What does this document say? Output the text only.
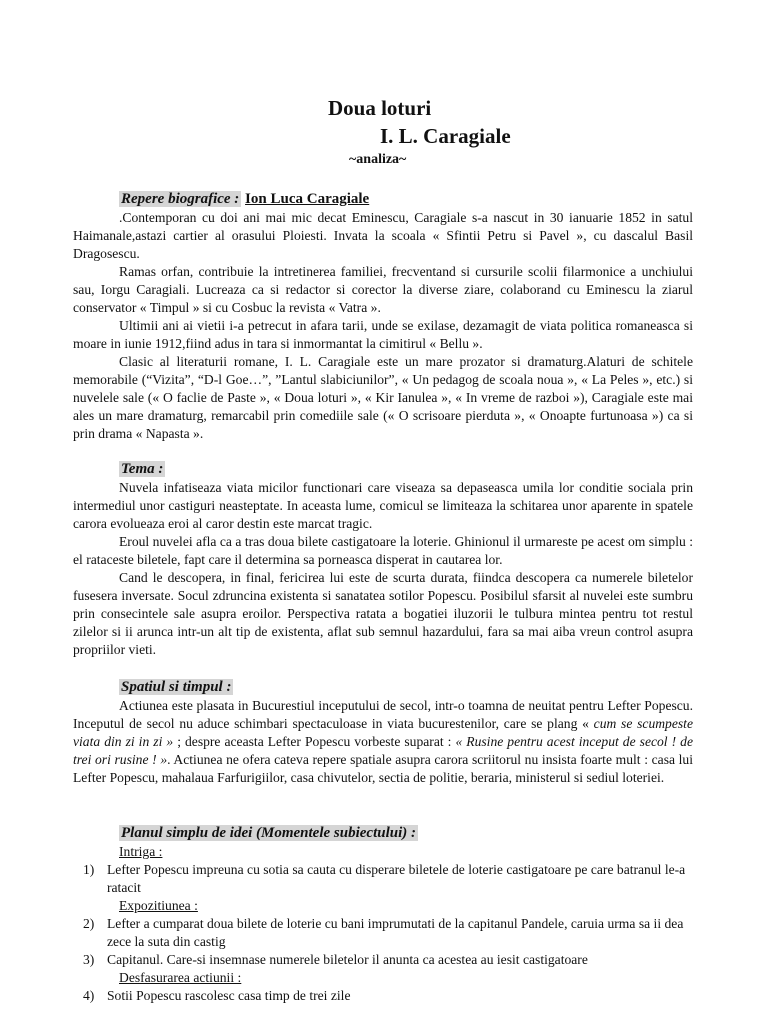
Doua loturi
I. L. Caragiale
~analiza~
Repere biografice : Ion Luca Caragiale

.Contemporan cu doi ani mai mic decat Eminescu, Caragiale s-a nascut in 30 ianuarie 1852 in satul Haimanale,astazi cartier al orasului Ploiesti. Invata la scoala « Sfintii Petru si Pavel », cu dascalul Basil Dragosescu.

Ramas orfan, contribuie la intretinerea familiei, frecventand si cursurile scolii filarmonice a unchiului sau, Iorgu Caragiali. Lucreaza ca si redactor si corector la diverse ziare, colaborand cu Eminescu la ziarul conservator « Timpul » si cu Cosbuc la revista « Vatra ».

Ultimii ani ai vietii i-a petrecut in afara tarii, unde se exilase, dezamagit de viata politica romaneasca si moare in iunie 1912,fiind adus in tara si inmormantat la cimitirul « Bellu ».

Clasic al literaturii romane, I. L. Caragiale este un mare prozator si dramaturg.Alaturi de schitele memorabile (“Vizita”, “D-l Goe…”, ”Lantul slabiciunilor”, « Un pedagog de scoala noua », « La Peles », etc.) si nuvelele sale (« O faclie de Paste », « Doua loturi », « Kir Ianulea », « In vreme de razboi »), Caragiale este mai ales un mare dramaturg, remarcabil prin comediile sale (« O scrisoare pierduta », « Onoapte furtunoasa ») ca si prin drama « Napasta ».

Tema :

Nuvela infatiseaza viata micilor functionari care viseaza sa depaseasca umila lor conditie sociala prin intermediul unor castiguri neasteptate. In aceasta lume, comicul se limiteaza la schitarea unor aparente in spatele carora evolueaza eroi al caror destin este marcat tragic.

Eroul nuvelei afla ca a tras doua bilete castigatoare la loterie. Ghinionul il urmareste pe acest om simplu : el rataceste biletele, fapt care il determina sa porneasca disperat in cautarea lor.

Cand le descopera, in final, fericirea lui este de scurta durata, fiindca descopera ca numerele biletelor fusesera inversate. Socul zdruncina existenta si sanatatea sotilor Popescu. Posibilul sfarsit al nuvelei este sumbru prin consecintele sale asupra eroilor. Perspectiva ratata a bogatiei iluzorii le tulbura mintea pentru tot restul zilelor si ii arunca intr-un alt tip de existenta, aflat sub semnul hazardului, fara sa mai aiba vreun control asupra propriilor vieti.

Spatiul si timpul :

Actiunea este plasata in Bucurestiul inceputului de secol, intr-o toamna de neuitat pentru Lefter Popescu. Inceputul de secol nu aduce schimbari spectaculoase in viata bucurestenilor, care se plang « cum se scumpeste viata din zi in zi » ; despre aceasta Lefter Popescu vorbeste suparat : « Rusine pentru acest inceput de secol ! de trei ori rusine ! ». Actiunea ne ofera cateva repere spatiale asupra carora scriitorul nu insista foarte mult : casa lui Lefter Popescu, mahalaua Farfurigiilor, casa chivutelor, sectia de politie, beraria, ministerul si sediul loteriei.

Planul simplu de idei (Momentele subiectului) :
Intriga :
1) Lefter Popescu impreuna cu sotia sa cauta cu disperare biletele de loterie castigatoare pe care batranul le-a ratacit
Expozitiunea :
2) Lefter a cumparat doua bilete de loterie cu bani imprumutati de la capitanul Pandele, caruia urma sa ii dea zece la suta din castig
3) Capitanul. Care-si insemnase numerele biletelor il anunta ca acestea au iesit castigatoare
Desfasurarea actiunii :
4) Sotii Popescu rascolesc casa timp de trei zile
